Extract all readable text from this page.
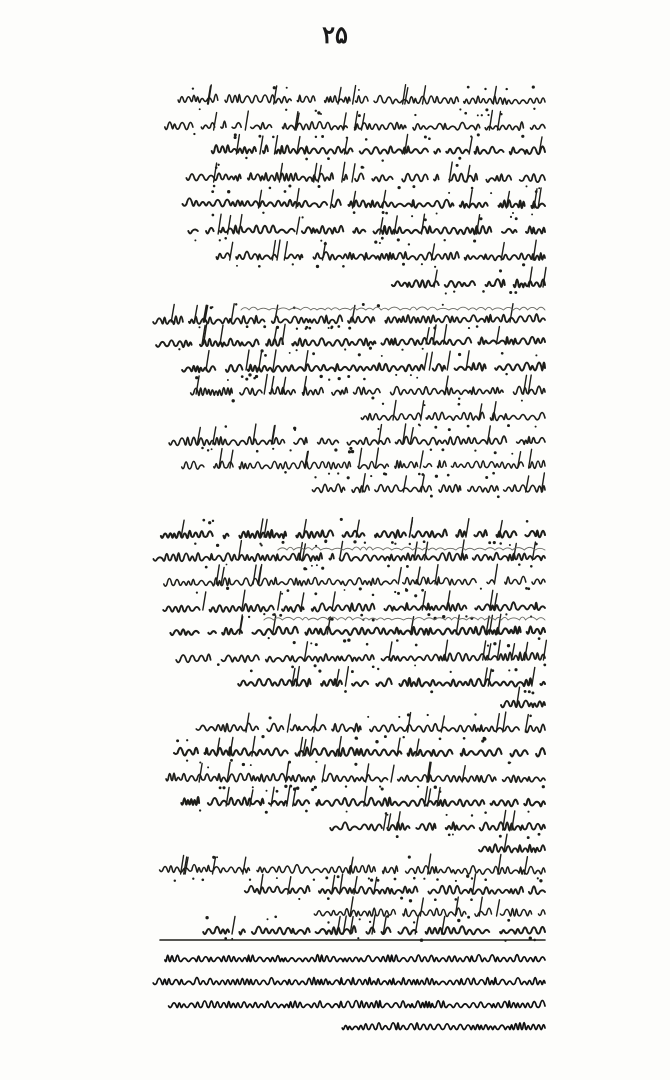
۲۵
